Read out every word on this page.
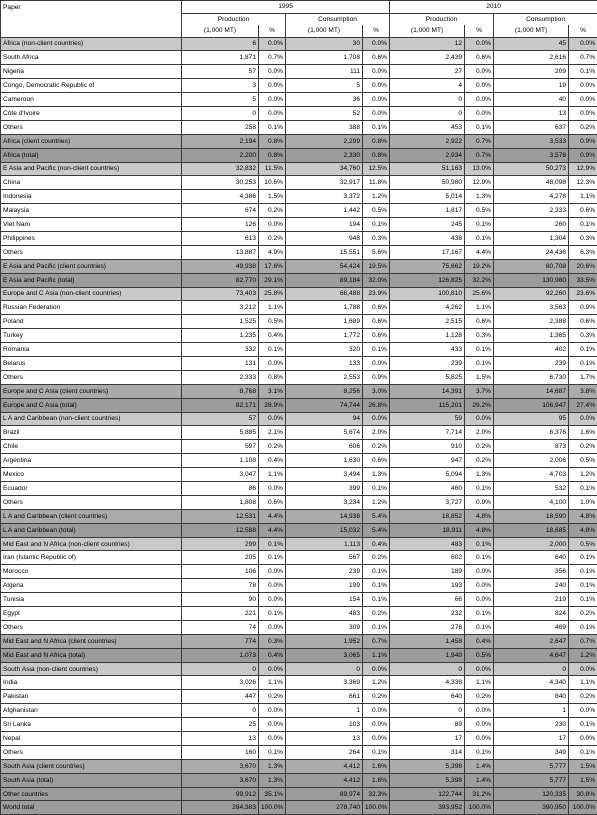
Paper	1995				2010			
	Production		Consumption		Production		Consumption	
	(1,000 MT)	%	(1,000 MT)	%	(1,000 MT)	%	(1,000 MT)	%
Africa (non-client countries)	6	0.0%	30	0.0%	12	0.0%	45	0.0%
South Africa	1,871	0.7%	1,708	0.6%	2,439	0.6%	2,616	0.7%
Nigeria	57	0.0%	111	0.0%	27	0.0%	209	0.1%
Congo, Democratic Republic of	3	0.0%	5	0.0%	4	0.0%	19	0.0%
Cameroon	5	0.0%	36	0.0%	0	0.0%	40	0.0%
Côte d'Ivoire	0	0.0%	52	0.0%	0	0.0%	13	0.0%
Others	258	0.1%	388	0.1%	453	0.1%	637	0.2%
Africa (client countries)	2,194	0.8%	2,299	0.8%	2,922	0.7%	3,533	0.9%
Africa (total)	2,200	0.8%	2,330	0.8%	2,934	0.7%	3,578	0.9%
E Asia and Pacific (non-client countries)	32,832	11.5%	34,760	12.5%	51,163	13.0%	50,273	12.9%
China	30,253	10.6%	32,917	11.8%	50,980	12.9%	48,098	12.3%
Indonesia	4,386	1.5%	3,372	1.2%	5,014	1.3%	4,278	1.1%
Malaysia	674	0.2%	1,442	0.5%	1,817	0.5%	2,333	0.6%
Viet Nam	126	0.0%	194	0.1%	245	0.1%	260	0.1%
Philippines	613	0.2%	948	0.3%	438	0.1%	1,304	0.3%
Others	13,887	4.9%	15,551	5.6%	17,167	4.4%	24,436	6.3%
E Asia and Pacific (client countries)	49,938	17.6%	54,424	19.5%	75,662	19.2%	80,708	20.6%
E Asia and Pacific (total)	82,770	29.1%	89,184	32.0%	126,825	32.2%	130,980	33.5%
Europe and C Asia (non-client countries)	73,403	25.8%	66,488	23.9%	100,810	25.6%	92,260	23.6%
Russian Federation	3,212	1.1%	1,788	0.6%	4,262	1.1%	3,563	0.9%
Poland	1,525	0.5%	1,689	0.6%	2,515	0.6%	2,388	0.6%
Turkey	1,235	0.4%	1,772	0.6%	1,128	0.3%	1,365	0.3%
Romania	332	0.1%	320	0.1%	433	0.1%	402	0.1%
Belarus	131	0.0%	133	0.0%	239	0.1%	239	0.1%
Others	2,333	0.8%	2,553	0.9%	5,825	1.5%	6,730	1.7%
Europe and C Asia (client countries)	8,768	3.1%	8,256	3.0%	14,391	3.7%	14,687	3.8%
Europe and C Asia (total)	82,171	28.9%	74,744	26.8%	115,201	29.2%	106,947	27.4%
L A and Caribbean (non-client countries)	57	0.0%	94	0.0%	59	0.0%	95	0.0%
Brazil	5,885	2.1%	5,674	2.0%	7,714	2.0%	6,376	1.6%
Chile	597	0.2%	606	0.2%	910	0.2%	873	0.2%
Argentina	1,108	0.4%	1,630	0.6%	947	0.2%	2,006	0.5%
Mexico	3,047	1.1%	3,494	1.3%	5,094	1.3%	4,703	1.2%
Ecuador	86	0.0%	399	0.1%	460	0.1%	532	0.1%
Others	1,808	0.6%	3,234	1.2%	3,727	0.9%	4,100	1.0%
L A and Caribbean (client countries)	12,531	4.4%	14,938	5.4%	18,852	4.8%	18,590	4.8%
L A and Caribbean (total)	12,588	4.4%	15,032	5.4%	18,911	4.8%	18,685	4.8%
Mid East and N Africa (non-client countries)	299	0.1%	1,113	0.4%	483	0.1%	2,000	0.5%
Iran (Islamic Republic of)	205	0.1%	567	0.2%	602	0.1%	640	0.1%
Morocco	106	0.0%	239	0.1%	189	0.0%	356	0.1%
Algeria	78	0.0%	199	0.1%	193	0.0%	240	0.1%
Tunisia	90	0.0%	154	0.1%	66	0.0%	219	0.1%
Egypt	221	0.1%	483	0.2%	232	0.1%	824	0.2%
Others	74	0.0%	309	0.1%	276	0.1%	469	0.1%
Mid East and N Africa (client countries)	774	0.3%	1,952	0.7%	1,458	0.4%	2,647	0.7%
Mid East and N Africa (total)	1,073	0.4%	3,065	1.1%	1,940	0.5%	4,647	1.2%
South Asia (non-client countries)	0	0.0%	0	0.0%	0	0.0%	0	0.0%
India	3,026	1.1%	3,369	1.2%	4,338	1.1%	4,340	1.1%
Pakistan	447	0.2%	661	0.2%	640	0.2%	840	0.2%
Afghanistan	0	0.0%	1	0.0%	0	0.0%	1	0.0%
Sri Lanka	25	0.0%	103	0.0%	89	0.0%	230	0.1%
Nepal	13	0.0%	13	0.0%	17	0.0%	17	0.0%
Others	160	0.1%	264	0.1%	314	0.1%	349	0.1%
South Asia (client countries)	3,670	1.3%	4,412	1.6%	5,398	1.4%	5,777	1.5%
South Asia (total)	3,670	1.3%	4,412	1.6%	5,398	1.4%	5,777	1.5%
Other countries	99,912	35.1%	89,974	32.3%	122,744	31.2%	120,335	30.8%
World total	284,383	100.0%	278,740	100.0%	393,952	100.0%	390,950	100.0%
